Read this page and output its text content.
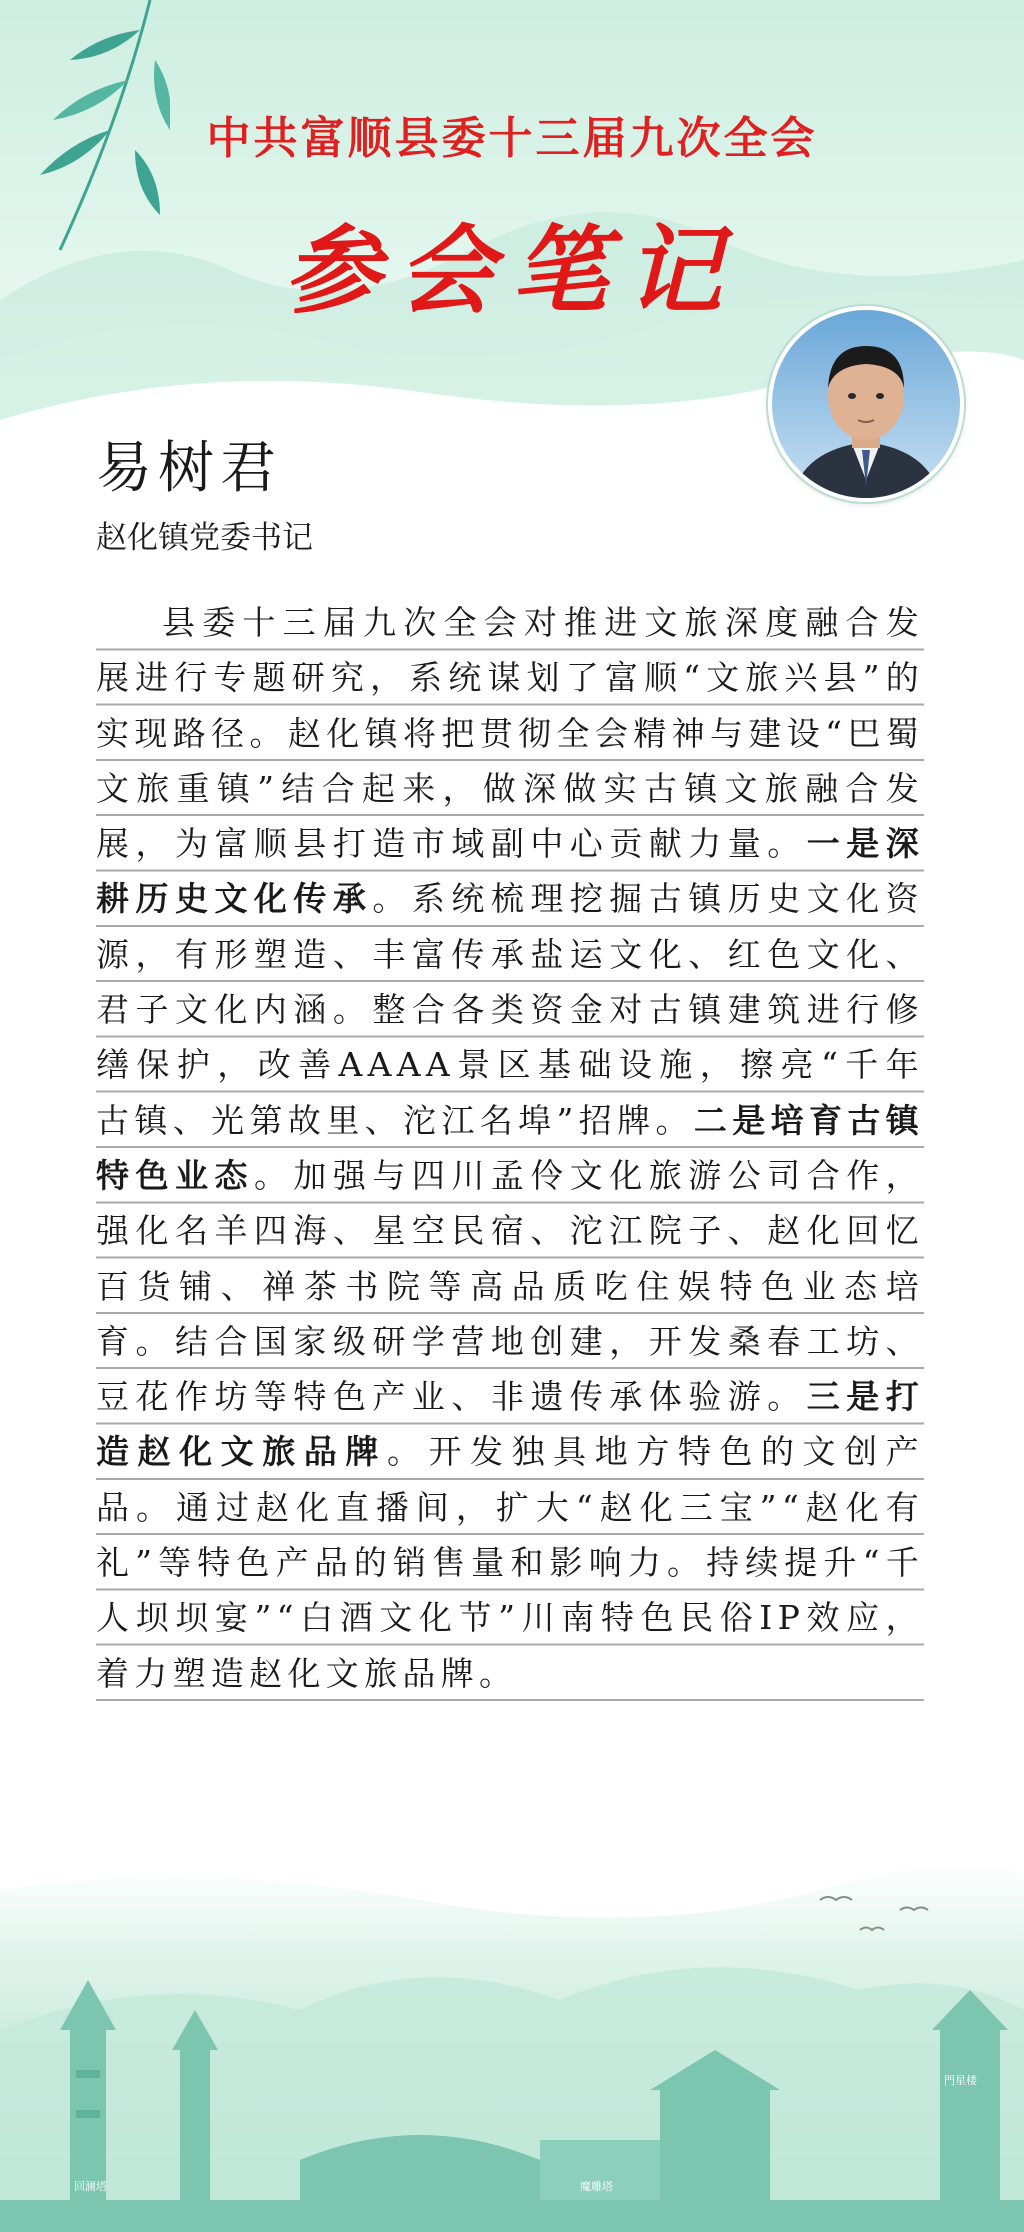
中共富顺县委十三届九次全会
参会笔记
易树君
赵化镇党委书记

县委十三届九次全会对推进文旅深度融合发展进行专题研究，系统谋划了富顺“文旅兴县”的实现路径。赵化镇将把贯彻全会精神与建设“巴蜀文旅重镇”结合起来，做深做实古镇文旅融合发展，为富顺县打造市域副中心贡献力量。一是深耕历史文化传承。系统梳理挖掘古镇历史文化资源，有形塑造、丰富传承盐运文化、红色文化、君子文化内涵。整合各类资金对古镇建筑进行修缮保护，改善AAAA景区基础设施，擦亮“千年古镇、光第故里、沱江名埠”招牌。二是培育古镇特色业态。加强与四川孟伶文化旅游公司合作，强化名羊四海、星空民宿、沱江院子、赵化回忆百货铺、禅茶书院等高品质吃住娱特色业态培育。结合国家级研学营地创建，开发桑春工坊、豆花作坊等特色产业、非遗传承体验游。三是打造赵化文旅品牌。开发独具地方特色的文创产品。通过赵化直播间，扩大“赵化三宝”“赵化有礼”等特色产品的销售量和影响力。持续提升“千人坝坝宴”“白酒文化节”川南特色民俗IP效应，着力塑造赵化文旅品牌。

回澜塔	魔雕塔
門星楼
